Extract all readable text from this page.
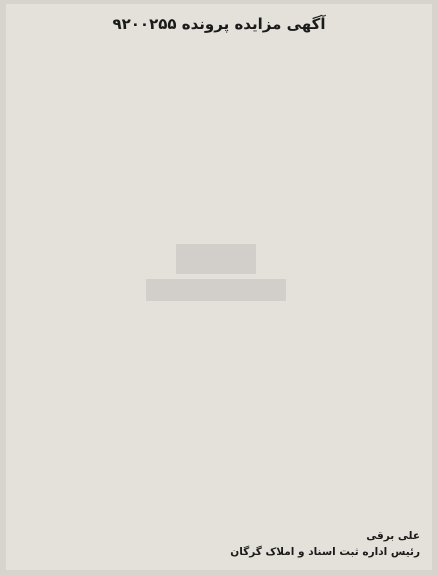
آگهی مزایده پرونده ۹۲۰۰۲۵۵
علی برقی
رئیس اداره ثبت اسناد و املاک گرگان
